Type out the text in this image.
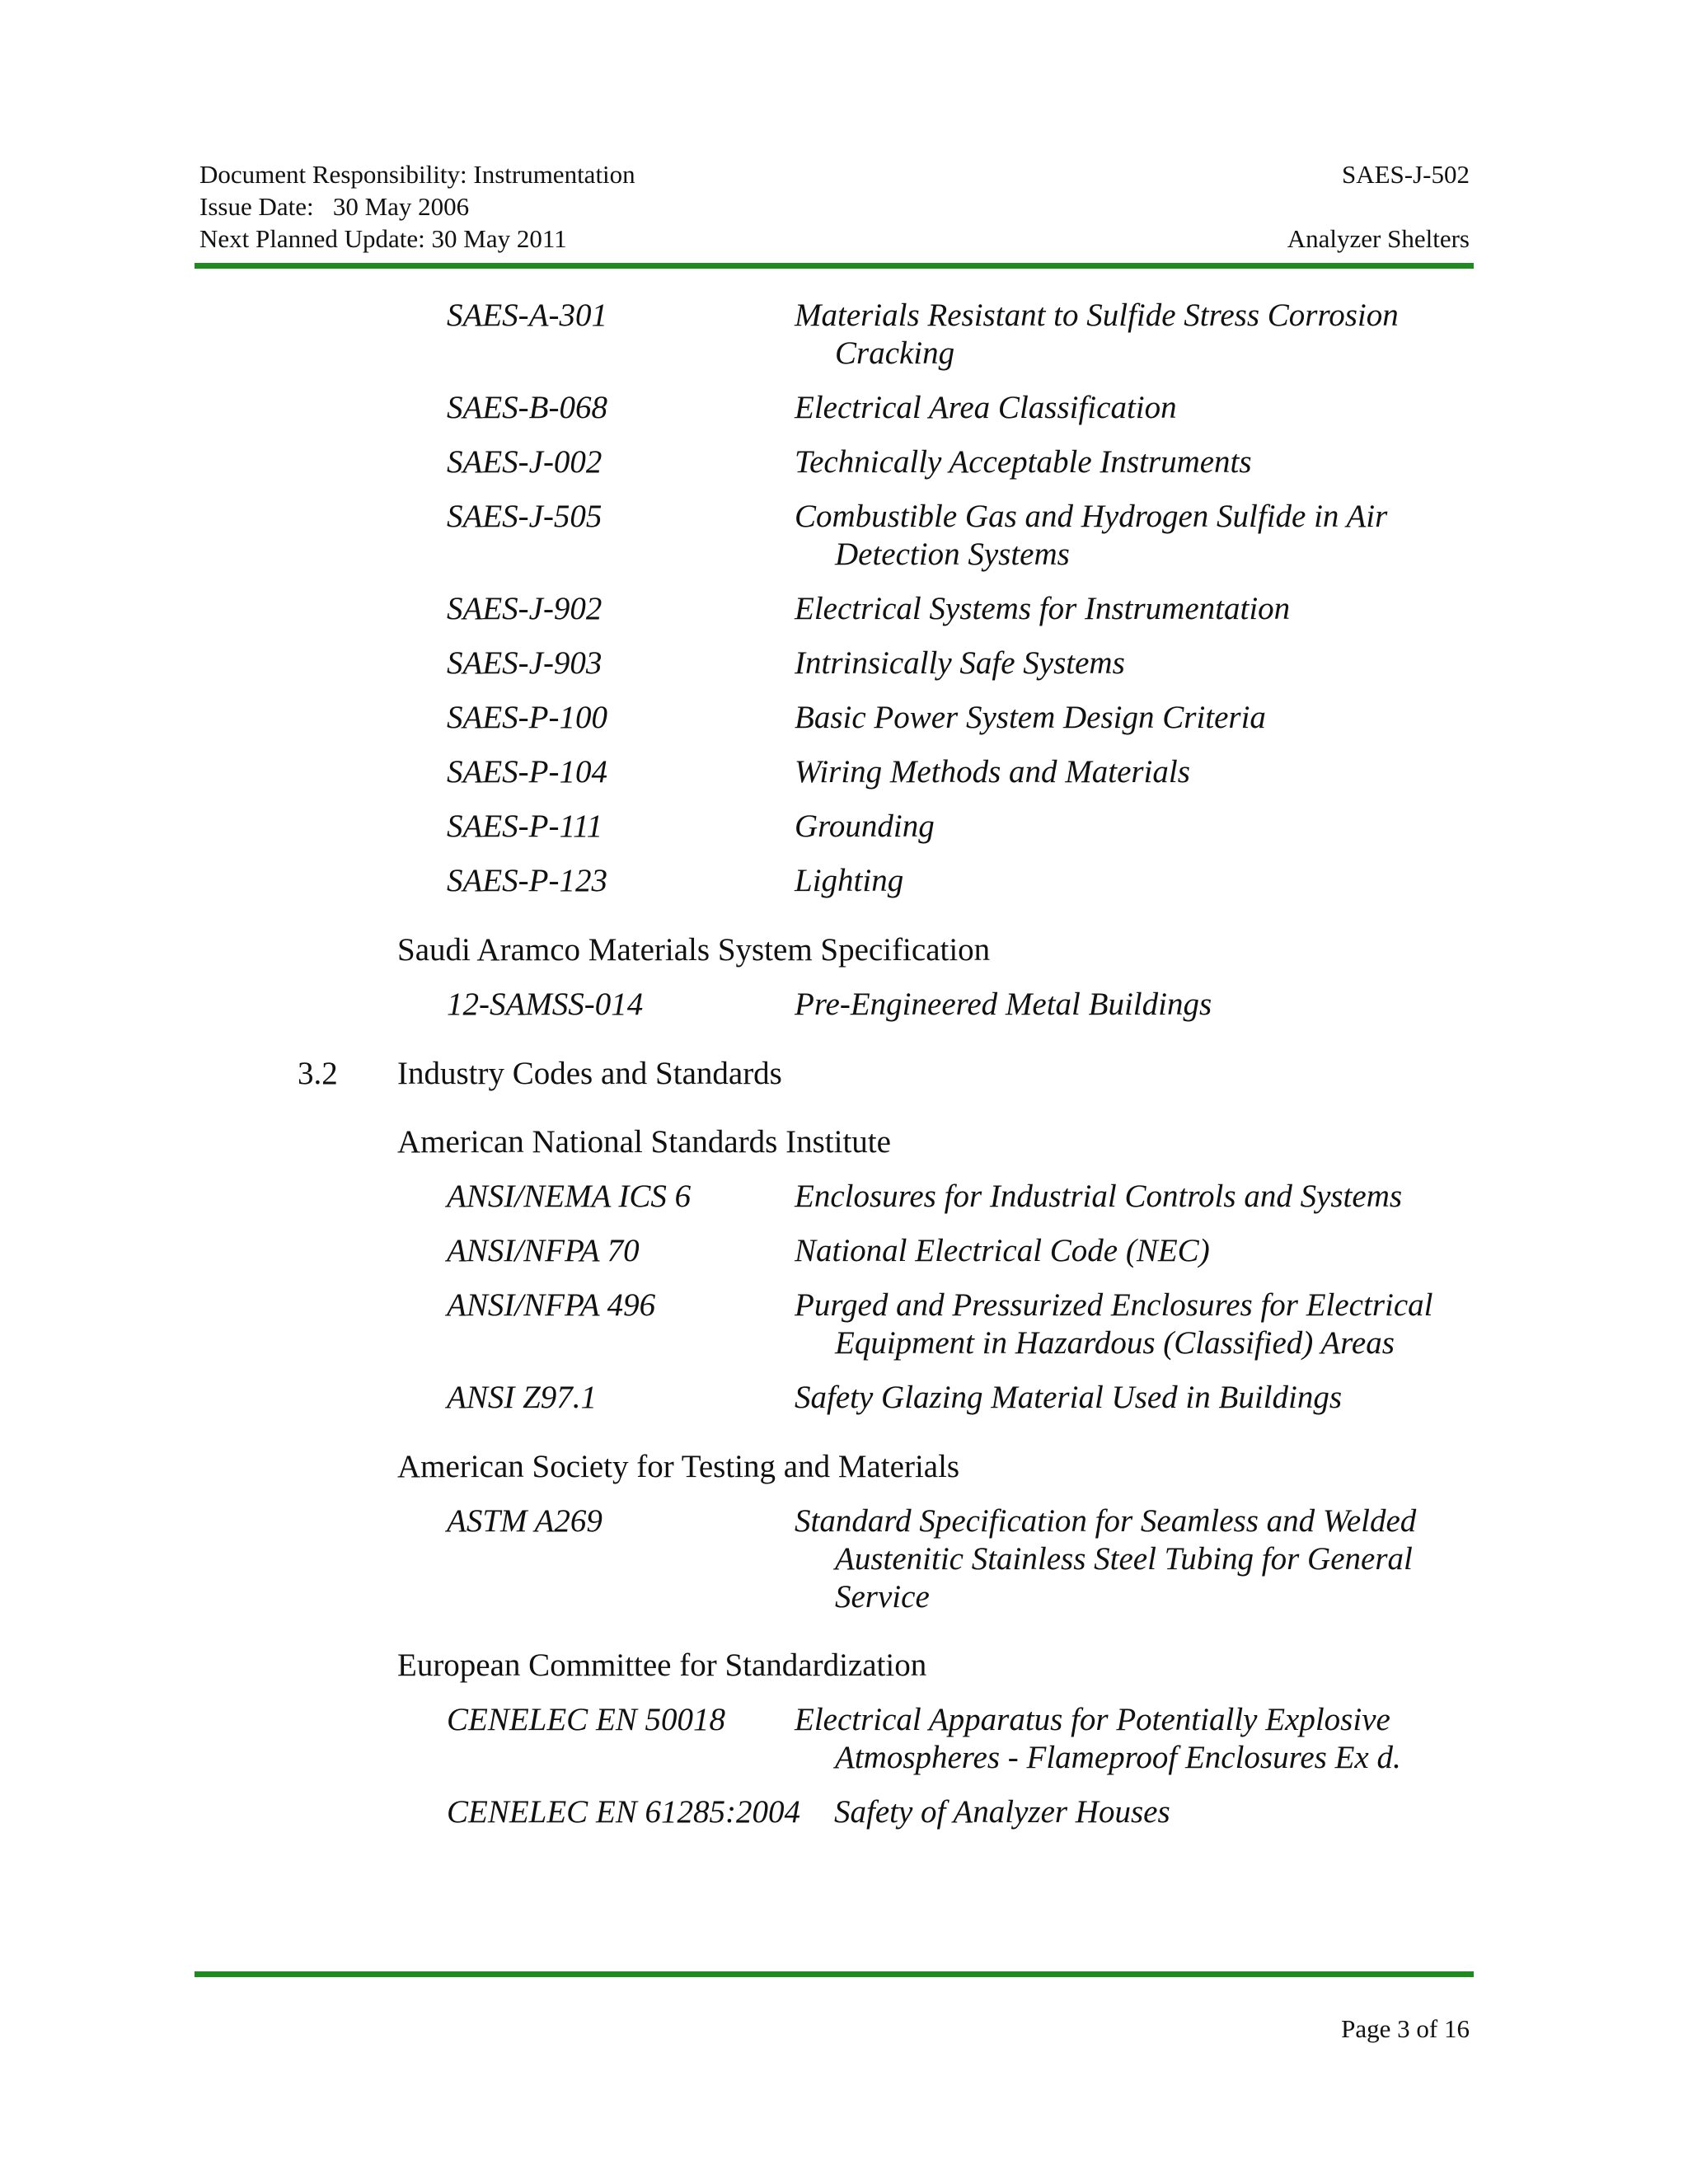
Document Responsibility: Instrumentation	SAES-J-502
Issue Date:   30 May 2006
Next Planned Update: 30 May 2011	Analyzer Shelters
SAES-A-301	Materials Resistant to Sulfide Stress Corrosion
Cracking
SAES-B-068	Electrical Area Classification
SAES-J-002	Technically Acceptable Instruments
SAES-J-505	Combustible Gas and Hydrogen Sulfide in Air
Detection Systems
SAES-J-902	Electrical Systems for Instrumentation
SAES-J-903	Intrinsically Safe Systems
SAES-P-100	Basic Power System Design Criteria
SAES-P-104	Wiring Methods and Materials
SAES-P-111	Grounding
SAES-P-123	Lighting
Saudi Aramco Materials System Specification
12-SAMSS-014	Pre-Engineered Metal Buildings
3.2 Industry Codes and Standards
American National Standards Institute
ANSI/NEMA ICS 6	Enclosures for Industrial Controls and Systems
ANSI/NFPA 70	National Electrical Code (NEC)
ANSI/NFPA 496	Purged and Pressurized Enclosures for Electrical
Equipment in Hazardous (Classified) Areas
ANSI Z97.1	Safety Glazing Material Used in Buildings
American Society for Testing and Materials
ASTM A269	Standard Specification for Seamless and Welded
Austenitic Stainless Steel Tubing for General
Service
European Committee for Standardization
CENELEC EN 50018 Electrical Apparatus for Potentially Explosive
Atmospheres - Flameproof Enclosures Ex d.
CENELEC EN 61285:2004 Safety of Analyzer Houses
Page 3 of 16
